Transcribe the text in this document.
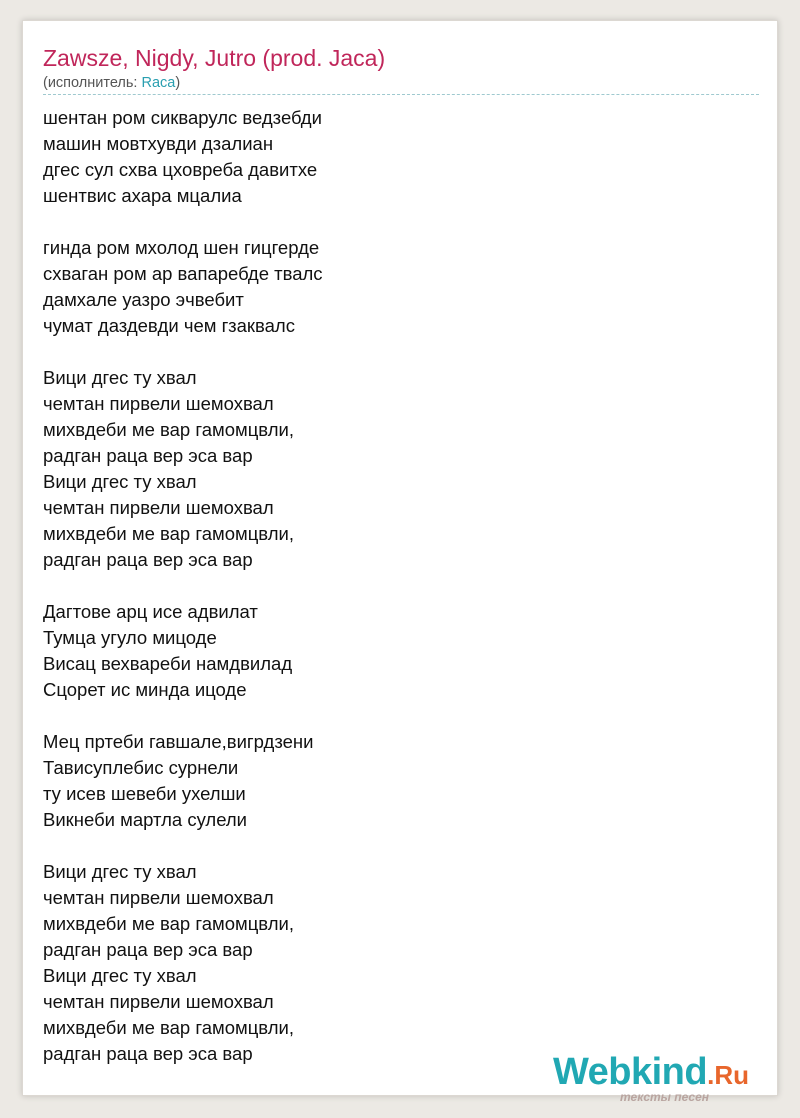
Zawsze, Nigdy, Jutro (prod. Jaca)
(исполнитель: Raca)
шентан ром сикварулс ведзебди
машин мовтхувди дзалиан
дгес сул схва цховреба давитхе
шентвис ахара мцалиа
гинда ром мхолод шен гицгерде
схваган ром ар вапаребде твалс
дамхале уазро эчвебит
чумат даздевди чем гзаквалс
Вици дгес ту хвал
чемтан пирвели шемохвал
михвдеби ме вар гамомцвли,
радган раца вер эса вар
Вици дгес ту хвал
чемтан пирвели шемохвал
михвдеби ме вар гамомцвли,
радган раца вер эса вар
Дагтове арц исе адвилат
Тумца угуло мицоде
Висац вехвареби намдвилад
Сцорет ис минда ицоде
Мец пртеби гавшале,вигрдзени
Тависуплебис сурнели
ту исев шевеби ухелши
Викнеби мартла сулели
Вици дгес ту хвал
чемтан пирвели шемохвал
михвдеби ме вар гамомцвли,
радган раца вер эса вар
Вици дгес ту хвал
чемтан пирвели шемохвал
михвдеби ме вар гамомцвли,
радган раца вер эса вар	Webkind.Ru
тексты песен
